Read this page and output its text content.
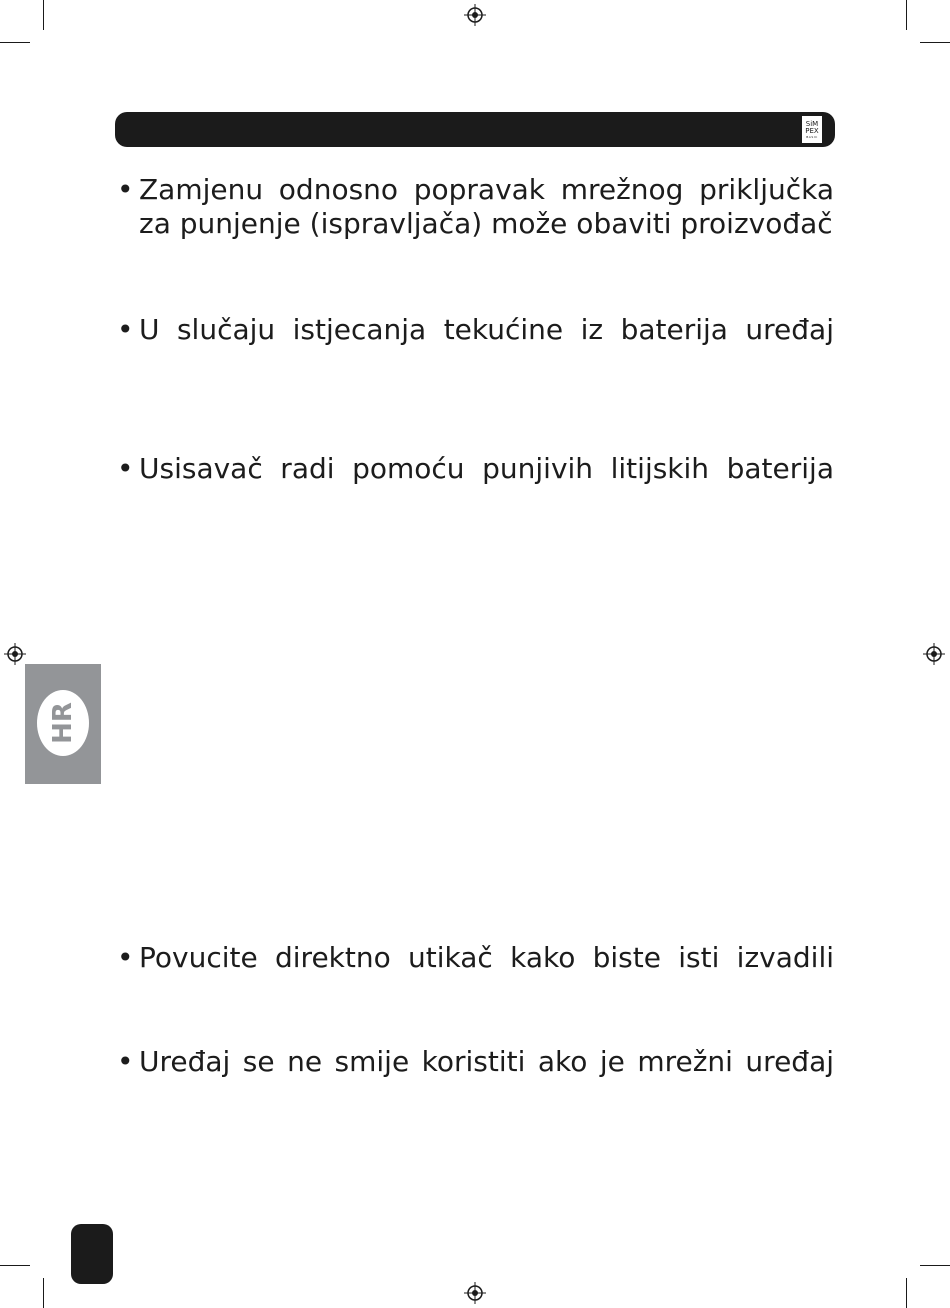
SiM
PEX
BASIC
• Zamjenu odnosno popravak mrežnog priključka za punjenje (ispravljača) može obaviti proizvođač
• U slučaju istjecanja tekućine iz baterija uređaj
• Usisavač radi pomoću punjivih litijskih baterija
• Povucite direktno utikač kako biste isti izvadili
• Uređaj se ne smije koristiti ako je mrežni uređaj
HR
